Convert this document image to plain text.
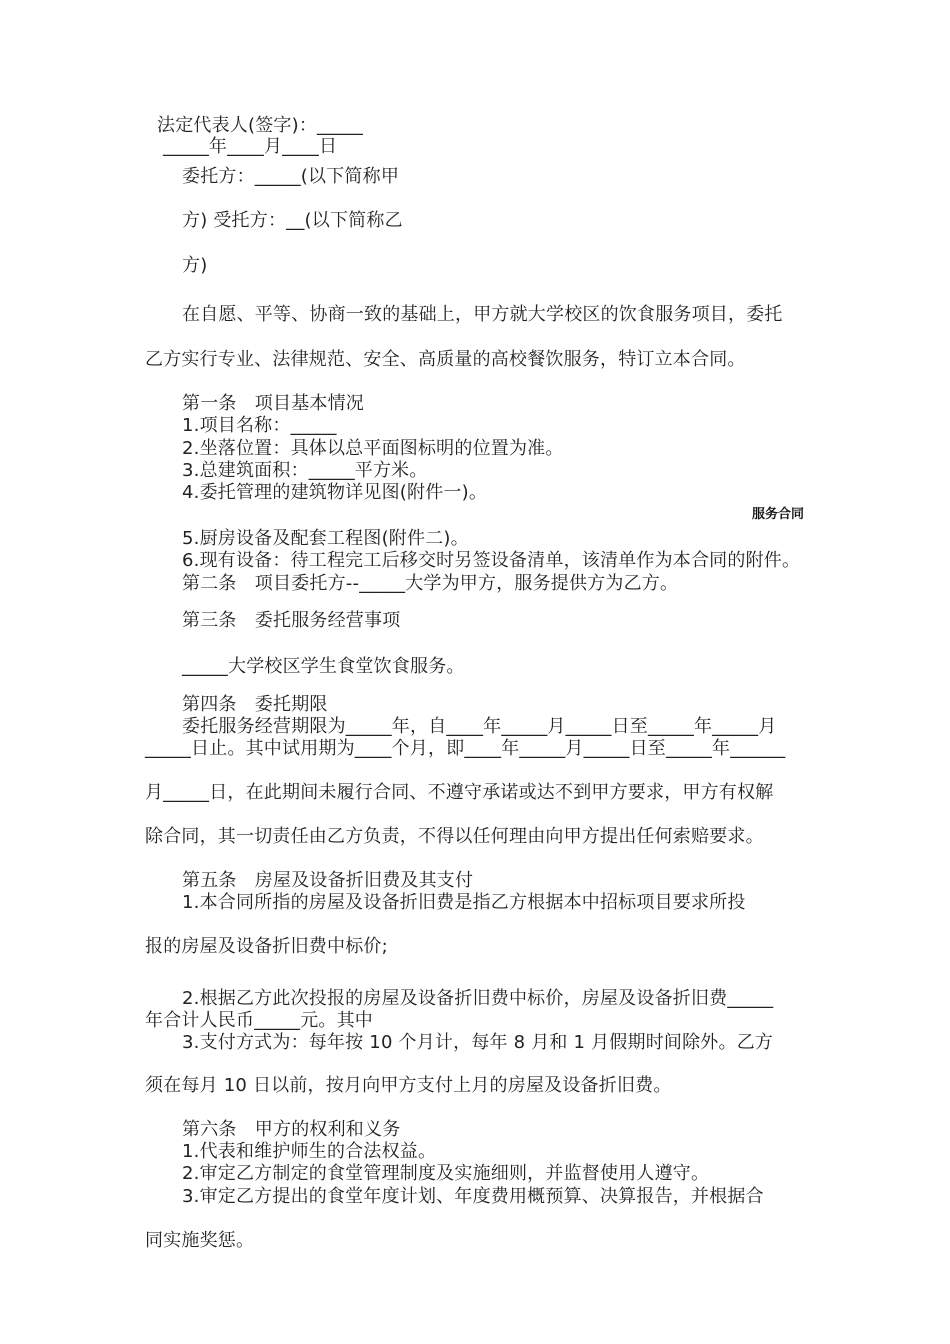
服务合同
法定代表人(签字)：_____
_____年____月____日
委托方：_____(以下简称甲
方) 受托方：__(以下简称乙
方)
在自愿、平等、协商一致的基础上，甲方就大学校区的饮食服务项目，委托
乙方实行专业、法律规范、安全、高质量的高校餐饮服务，特订立本合同。
第一条　项目基本情况
1.项目名称：_____
2.坐落位置：具体以总平面图标明的位置为准。
3.总建筑面积：_____平方米。
4.委托管理的建筑物详见图(附件一)。
5.厨房设备及配套工程图(附件二)。
6.现有设备：待工程完工后移交时另签设备清单，该清单作为本合同的附件。
第二条　项目委托方--_____大学为甲方，服务提供方为乙方。
第三条　委托服务经营事项
_____大学校区学生食堂饮食服务。
第四条　委托期限
委托服务经营期限为_____年，自____年_____月_____日至_____年_____月
_____日止。其中试用期为____个月，即____年_____月_____日至_____年______
月_____日，在此期间未履行合同、不遵守承诺或达不到甲方要求，甲方有权解
除合同，其一切责任由乙方负责，不得以任何理由向甲方提出任何索赔要求。
第五条　房屋及设备折旧费及其支付
1.本合同所指的房屋及设备折旧费是指乙方根据本中招标项目要求所投
报的房屋及设备折旧费中标价;
2.根据乙方此次投报的房屋及设备折旧费中标价，房屋及设备折旧费_____
年合计人民币_____元。其中
3.支付方式为：每年按 10 个月计，每年 8 月和 1 月假期时间除外。乙方
须在每月 10 日以前，按月向甲方支付上月的房屋及设备折旧费。
第六条　甲方的权利和义务
1.代表和维护师生的合法权益。
2.审定乙方制定的食堂管理制度及实施细则，并监督使用人遵守。
3.审定乙方提出的食堂年度计划、年度费用概预算、决算报告，并根据合
同实施奖惩。
